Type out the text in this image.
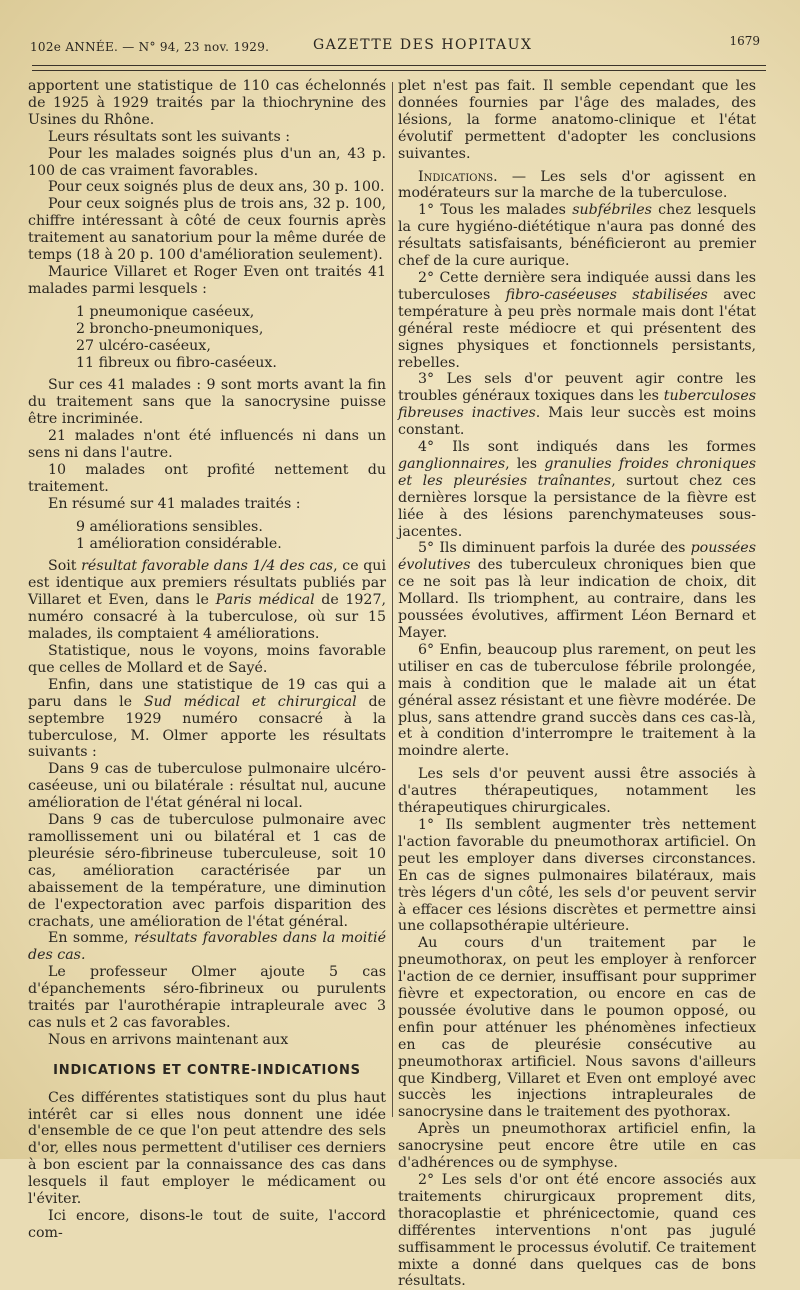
102e ANNÉE. — N° 94, 23 nov. 1929.	GAZETTE DES HOPITAUX	1679

apportent une statistique de 110 cas échelonnés de 1925 à 1929 traités par la thiochrynine des Usines du Rhône.

Leurs résultats sont les suivants :

Pour les malades soignés plus d'un an, 43 p. 100 de cas vraiment favorables.

Pour ceux soignés plus de deux ans, 30 p. 100.

Pour ceux soignés plus de trois ans, 32 p. 100, chiffre intéressant à côté de ceux fournis après traitement au sanatorium pour la même durée de temps (18 à 20 p. 100 d'amélioration seulement).

Maurice Villaret et Roger Even ont traités 41 malades parmi lesquels :

1 pneumonique caséeux,

2 broncho-pneumoniques,

27 ulcéro-caséeux,

11 fibreux ou fibro-caséeux.

Sur ces 41 malades : 9 sont morts avant la fin du traitement sans que la sanocrysine puisse être incriminée.

21 malades n'ont été influencés ni dans un sens ni dans l'autre.

10 malades ont profité nettement du traitement.

En résumé sur 41 malades traités :

9 améliorations sensibles.

1 amélioration considérable.

Soit résultat favorable dans 1/4 des cas, ce qui est identique aux premiers résultats publiés par Villaret et Even, dans le Paris médical de 1927, numéro consacré à la tuberculose, où sur 15 malades, ils comptaient 4 améliorations.

Statistique, nous le voyons, moins favorable que celles de Mollard et de Sayé.

Enfin, dans une statistique de 19 cas qui a paru dans le Sud médical et chirurgical de septembre 1929 numéro consacré à la tuberculose, M. Olmer apporte les résultats suivants :

Dans 9 cas de tuberculose pulmonaire ulcéro-caséeuse, uni ou bilatérale : résultat nul, aucune amélioration de l'état général ni local.

Dans 9 cas de tuberculose pulmonaire avec ramollissement uni ou bilatéral et 1 cas de pleurésie séro-fibrineuse tuberculeuse, soit 10 cas, amélioration caractérisée par un abaissement de la température, une diminution de l'expectoration avec parfois disparition des crachats, une amélioration de l'état général.

En somme, résultats favorables dans la moitié des cas.

Le professeur Olmer ajoute 5 cas d'épanchements séro-fibrineux ou purulents traités par l'aurothérapie intrapleurale avec 3 cas nuls et 2 cas favorables.

Nous en arrivons maintenant aux

INDICATIONS ET CONTRE-INDICATIONS

Ces différentes statistiques sont du plus haut intérêt car si elles nous donnent une idée d'ensemble de ce que l'on peut attendre des sels d'or, elles nous permettent d'utiliser ces derniers à bon escient par la connaissance des cas dans lesquels il faut employer le médicament ou l'éviter.

Ici encore, disons-le tout de suite, l'accord com-

plet n'est pas fait. Il semble cependant que les données fournies par l'âge des malades, des lésions, la forme anatomo-clinique et l'état évolutif permettent d'adopter les conclusions suivantes.

Indications. — Les sels d'or agissent en modérateurs sur la marche de la tuberculose.

1° Tous les malades subfébriles chez lesquels la cure hygiéno-diététique n'aura pas donné des résultats satisfaisants, bénéficieront au premier chef de la cure aurique.

2° Cette dernière sera indiquée aussi dans les tuberculoses fibro-caséeuses stabilisées avec température à peu près normale mais dont l'état général reste médiocre et qui présentent des signes physiques et fonctionnels persistants, rebelles.

3° Les sels d'or peuvent agir contre les troubles généraux toxiques dans les tuberculoses fibreuses inactives. Mais leur succès est moins constant.

4° Ils sont indiqués dans les formes ganglionnaires, les granulies froides chroniques et les pleurésies traînantes, surtout chez ces dernières lorsque la persistance de la fièvre est liée à des lésions parenchymateuses sous-jacentes.

5° Ils diminuent parfois la durée des poussées évolutives des tuberculeux chroniques bien que ce ne soit pas là leur indication de choix, dit Mollard. Ils triomphent, au contraire, dans les poussées évolutives, affirment Léon Bernard et Mayer.

6° Enfin, beaucoup plus rarement, on peut les utiliser en cas de tuberculose fébrile prolongée, mais à condition que le malade ait un état général assez résistant et une fièvre modérée. De plus, sans attendre grand succès dans ces cas-là, et à condition d'interrompre le traitement à la moindre alerte.

Les sels d'or peuvent aussi être associés à d'autres thérapeutiques, notamment les thérapeutiques chirurgicales.

1° Ils semblent augmenter très nettement l'action favorable du pneumothorax artificiel. On peut les employer dans diverses circonstances. En cas de signes pulmonaires bilatéraux, mais très légers d'un côté, les sels d'or peuvent servir à effacer ces lésions discrètes et permettre ainsi une collapsothérapie ultérieure.

Au cours d'un traitement par le pneumothorax, on peut les employer à renforcer l'action de ce dernier, insuffisant pour supprimer fièvre et expectoration, ou encore en cas de poussée évolutive dans le poumon opposé, ou enfin pour atténuer les phénomènes infectieux en cas de pleurésie consécutive au pneumothorax artificiel. Nous savons d'ailleurs que Kindberg, Villaret et Even ont employé avec succès les injections intrapleurales de sanocrysine dans le traitement des pyothorax.

Après un pneumothorax artificiel enfin, la sanocrysine peut encore être utile en cas d'adhérences ou de symphyse.

2° Les sels d'or ont été encore associés aux traitements chirurgicaux proprement dits, thoracoplastie et phrénicectomie, quand ces différentes interventions n'ont pas jugulé suffisamment le processus évolutif. Ce traitement mixte a donné dans quelques cas de bons résultats.
